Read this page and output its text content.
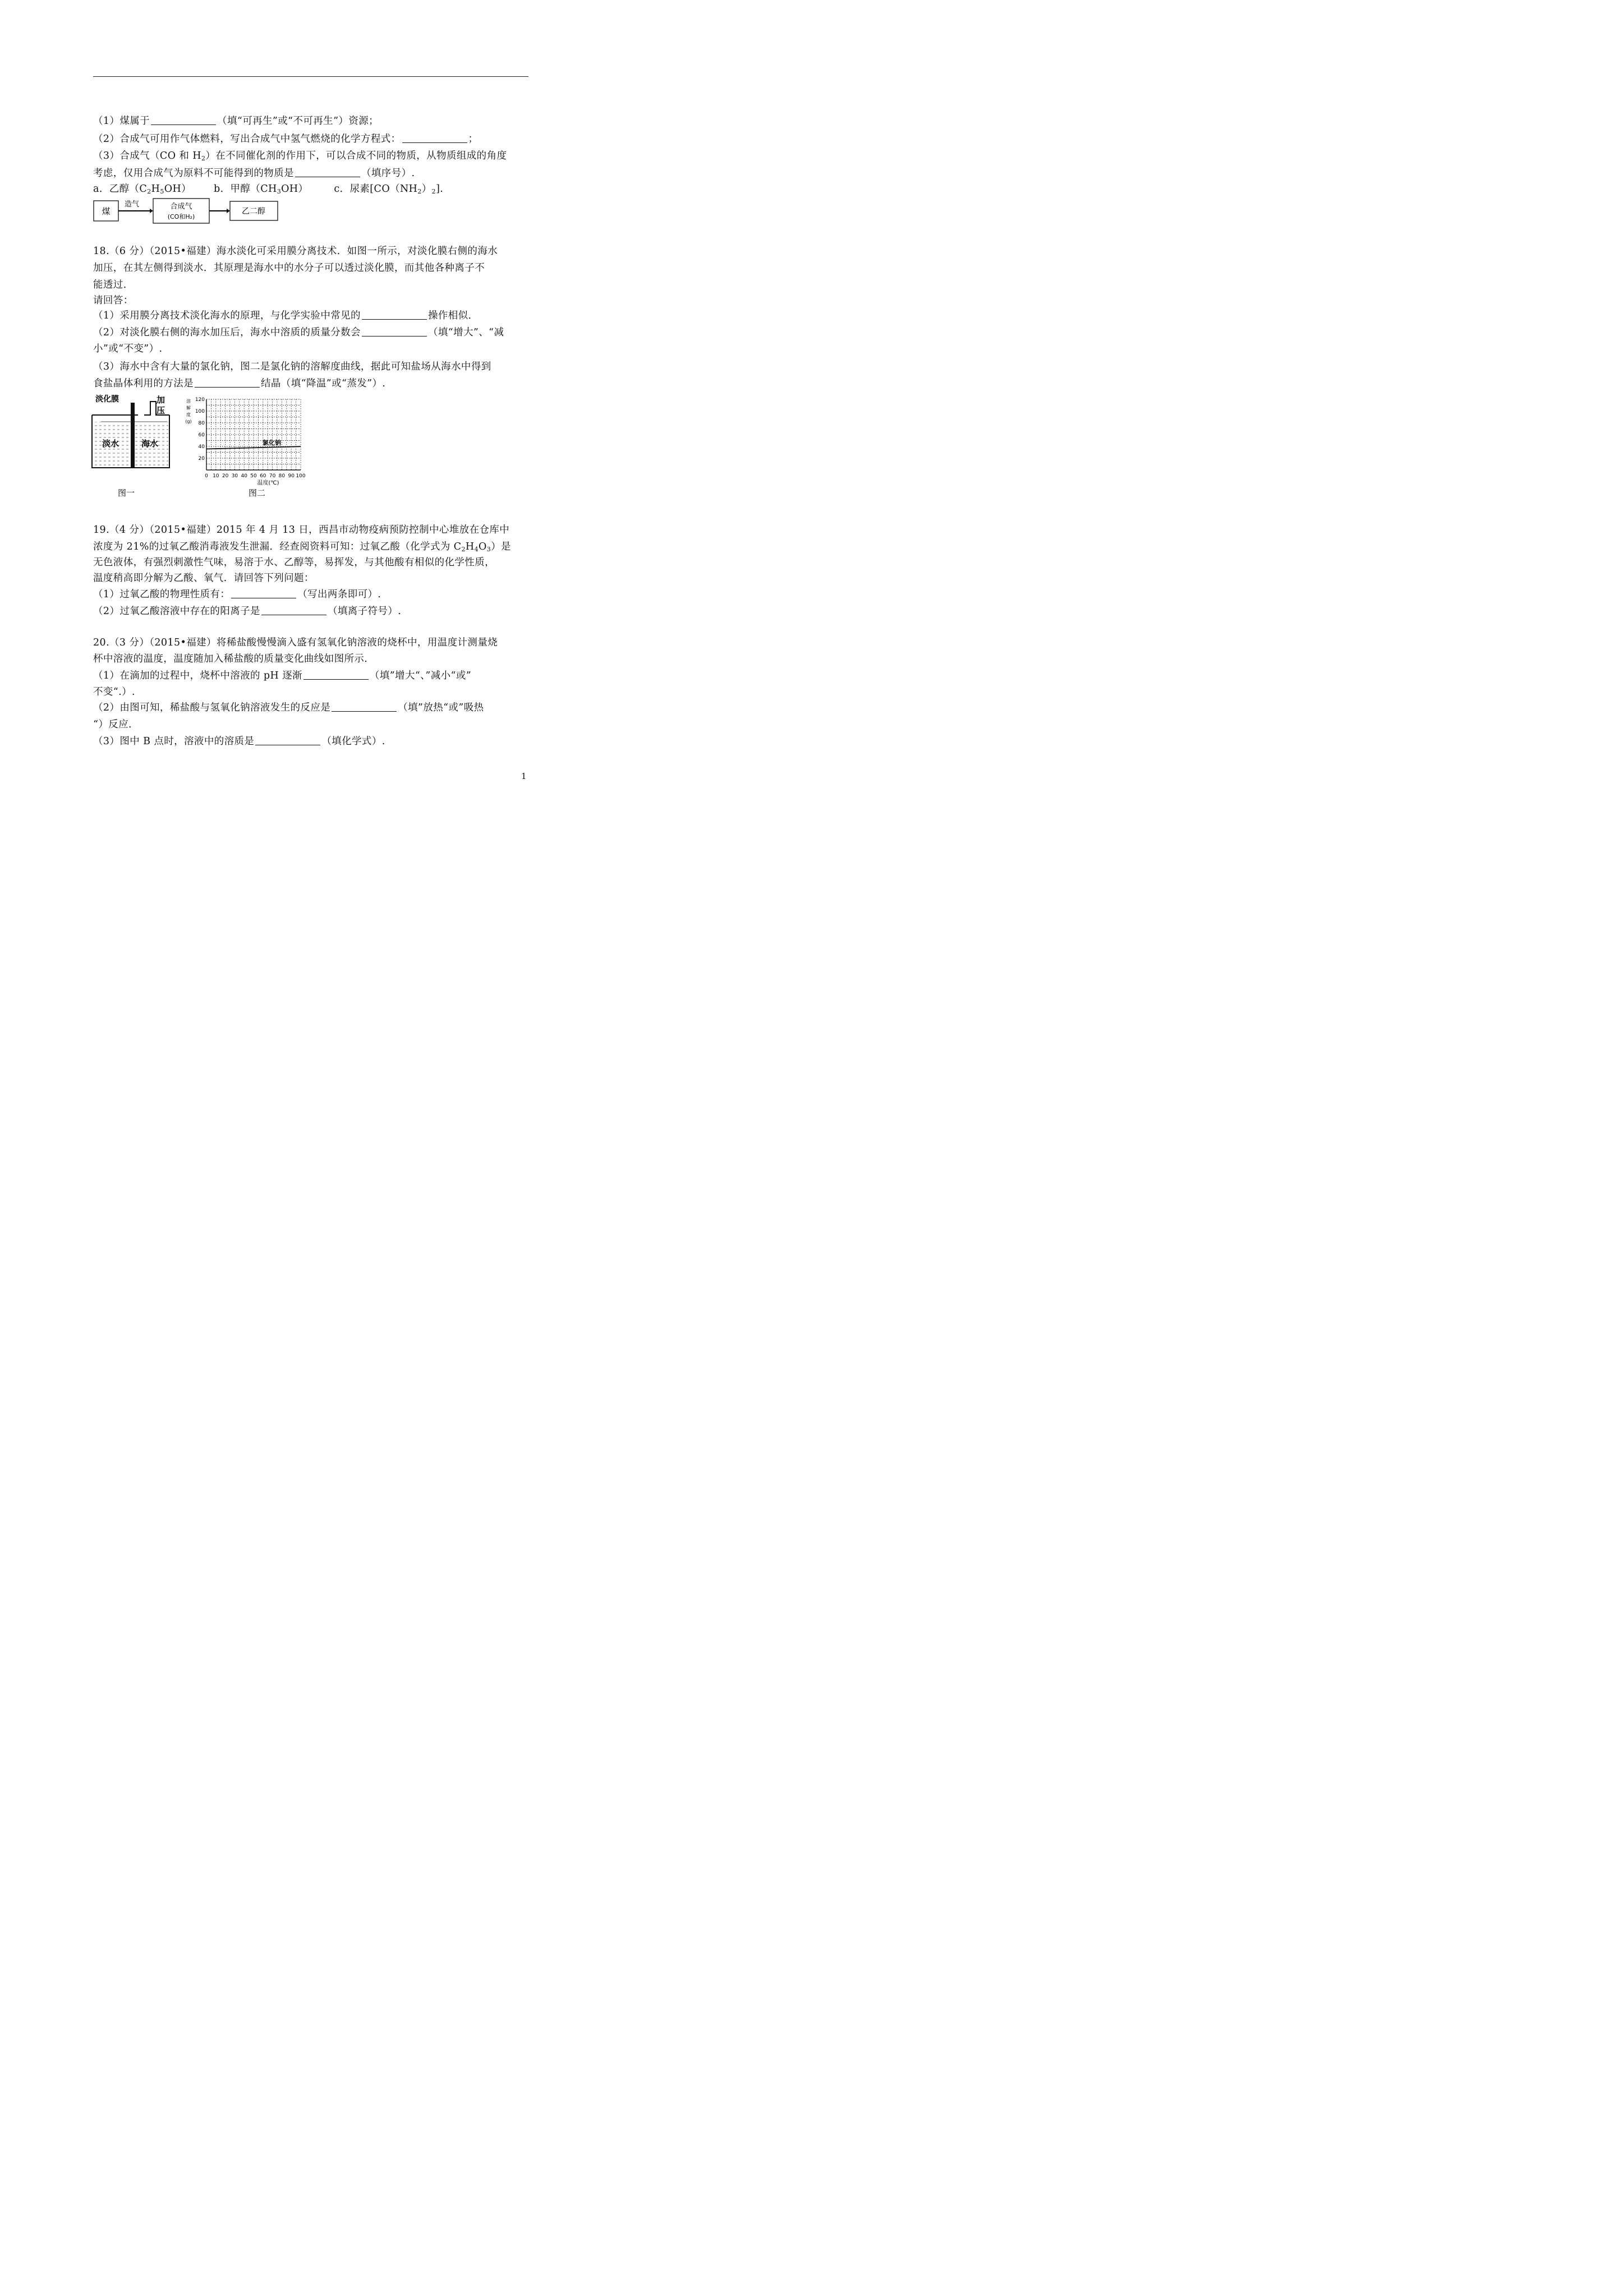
（1）煤属于	（填“可再生”或“不可再生”）资源；
（2）合成气可用作气体燃料，写出合成气中氢气燃烧的化学方程式：	；
（3）合成气（CO 和 $H_2$）在不同催化剂的作用下，可以合成不同的物质，从物质组成的角度
考虑，仅用合成气为原料不可能得到的物质是	（填序号）.
a．乙醇$(C_2H_5OH)$ b．甲醇$(CH_3OH)$	c．尿素$[CO(NH_2)_2]$.
煤
造气	合成气
(CO和H₂)
乙二醇
18.（6 分）（2015•福建）海水淡化可采用膜分离技术．如图一所示，对淡化膜右侧的海水
加压，在其左侧得到淡水．其原理是海水中的水分子可以透过淡化膜，而其他各种离子不
能透过．
请回答：
（1）采用膜分离技术淡化海水的原理，与化学实验中常见的	操作相似．
（2）对淡化膜右侧的海水加压后，海水中溶质的质量分数会	（填“增大”、“减
小”或“不变”）.
（3）海水中含有大量的氯化钠，图二是氯化钠的溶解度曲线，据此可知盐场从海水中得到
食盐晶体利用的方法是	结晶（填“降温”或“蒸发”）.
淡化膜	加
压
淡水	海水
图一
120
100
80
60
40
20
0 10 20 30 40 50 60 70 80 90 100
溶
解
度
(g)
温度(℃)
氯化钠
图二
19.（4 分）（2015•福建）2015 年 4 月 13 日，西昌市动物疫病预防控制中心堆放在仓库中
浓度为 21%的过氧乙酸消毒液发生泄漏．经查阅资料可知：过氧乙酸（化学式为 $C_2H_4O_3$）是
无色液体，有强烈刺激性气味，易溶于水、乙醇等，易挥发，与其他酸有相似的化学性质，
温度稍高即分解为乙酸、氧气．请回答下列问题：
（1）过氧乙酸的物理性质有：	（写出两条即可）.
（2）过氧乙酸溶液中存在的阳离子是	（填离子符号）.
20.（3 分）（2015•福建）将稀盐酸慢慢滴入盛有氢氧化钠溶液的烧杯中，用温度计测量烧
杯中溶液的温度，温度随加入稀盐酸的质量变化曲线如图所示．
（1）在滴加的过程中，烧杯中溶液的 pH 逐渐	（填”增大“、”减小“或”
不变“.）.
（2）由图可知，稀盐酸与氢氧化钠溶液发生的反应是	（填”放热“或”吸热
“）反应．
（3）图中 B 点时，溶液中的溶质是	（填化学式）.
1
